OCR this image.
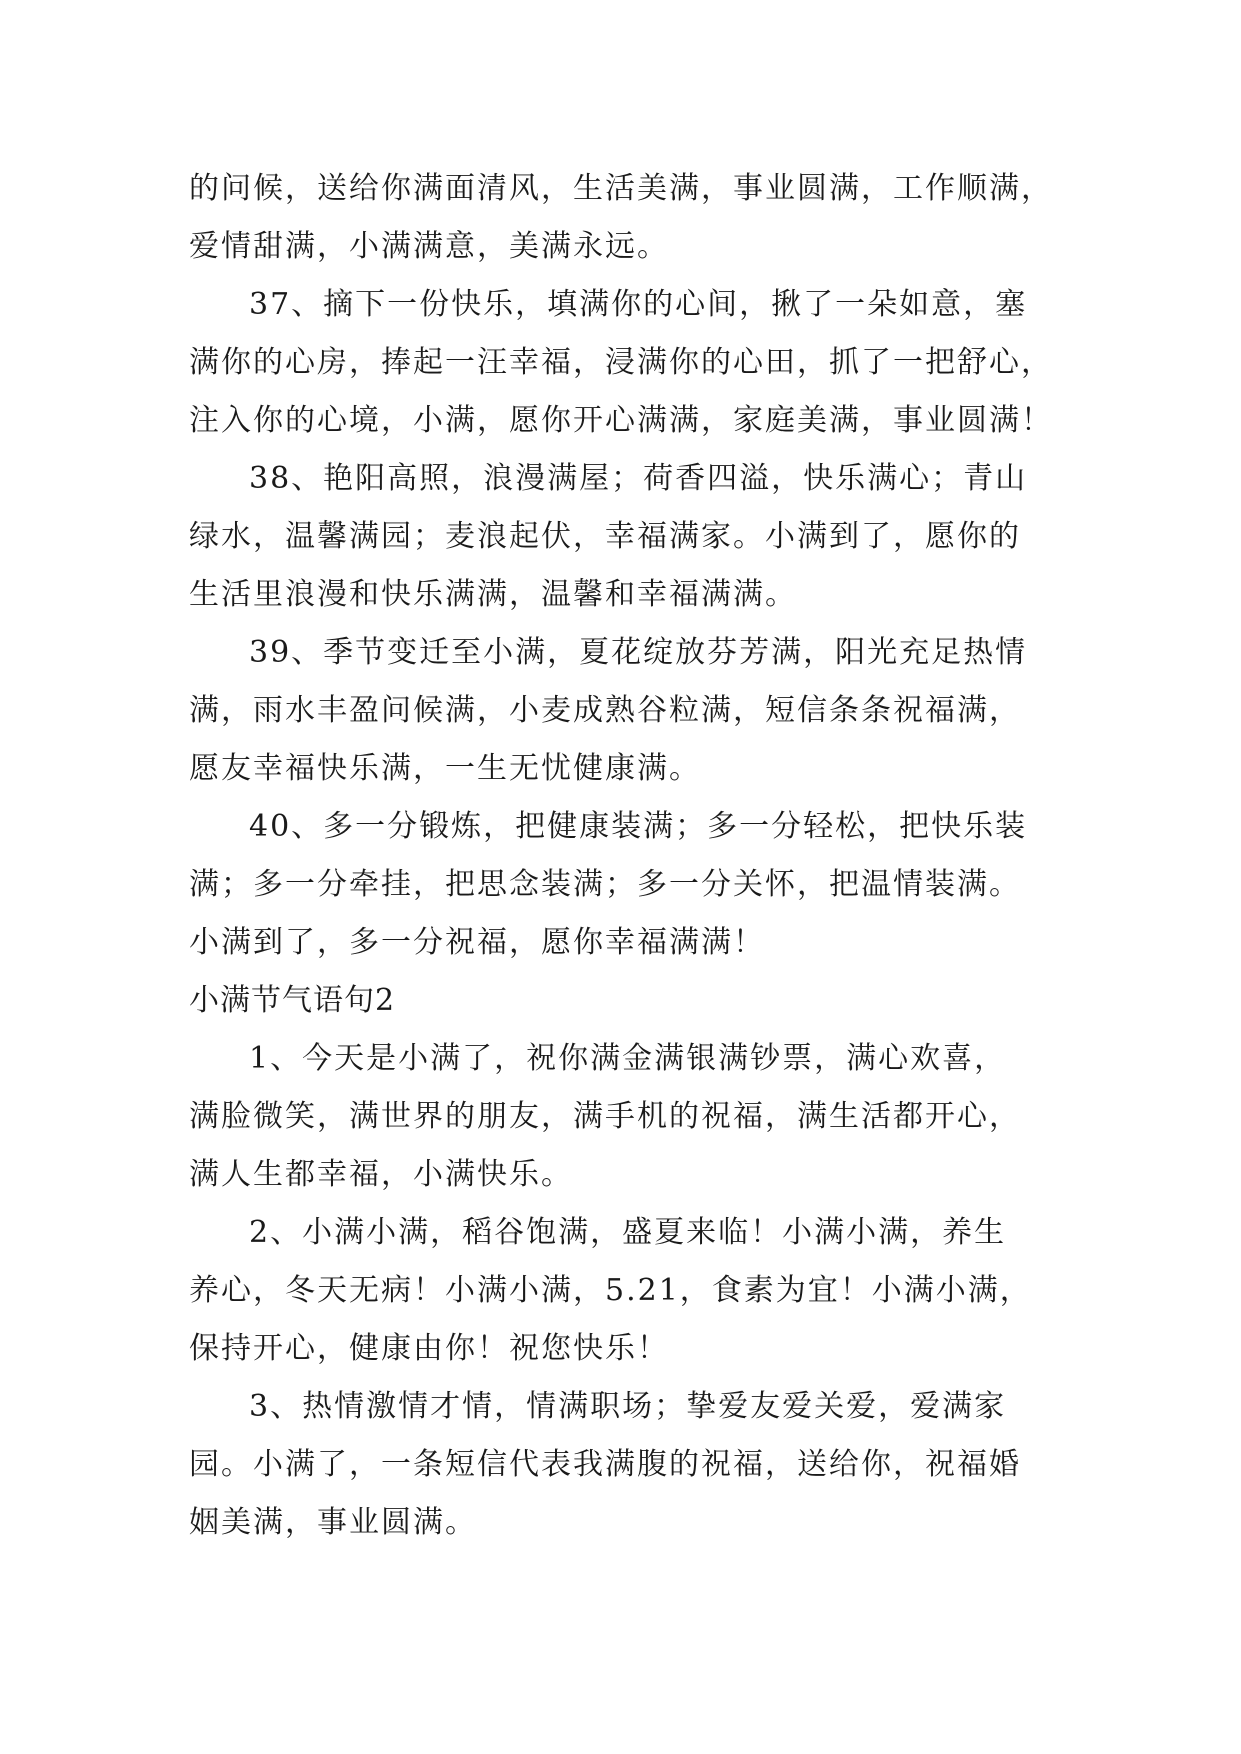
的问候，送给你满面清风，生活美满，事业圆满，工作顺满，
爱情甜满，小满满意，美满永远。
37、摘下一份快乐，填满你的心间，揪了一朵如意，塞
满你的心房，捧起一汪幸福，浸满你的心田，抓了一把舒心，
注入你的心境，小满，愿你开心满满，家庭美满，事业圆满！
38、艳阳高照，浪漫满屋；荷香四溢，快乐满心；青山
绿水，温馨满园；麦浪起伏，幸福满家。小满到了，愿你的
生活里浪漫和快乐满满，温馨和幸福满满。
39、季节变迁至小满，夏花绽放芬芳满，阳光充足热情
满，雨水丰盈问候满，小麦成熟谷粒满，短信条条祝福满，
愿友幸福快乐满，一生无忧健康满。
40、多一分锻炼，把健康装满；多一分轻松，把快乐装
满；多一分牵挂，把思念装满；多一分关怀，把温情装满。
小满到了，多一分祝福，愿你幸福满满！
小满节气语句2
1、今天是小满了，祝你满金满银满钞票，满心欢喜，
满脸微笑，满世界的朋友，满手机的祝福，满生活都开心，
满人生都幸福，小满快乐。
2、小满小满，稻谷饱满，盛夏来临！小满小满，养生
养心，冬天无病！小满小满，5.21，食素为宜！小满小满，
保持开心，健康由你！祝您快乐！
3、热情激情才情，情满职场；挚爱友爱关爱，爱满家
园。小满了，一条短信代表我满腹的祝福，送给你，祝福婚
姻美满，事业圆满。
